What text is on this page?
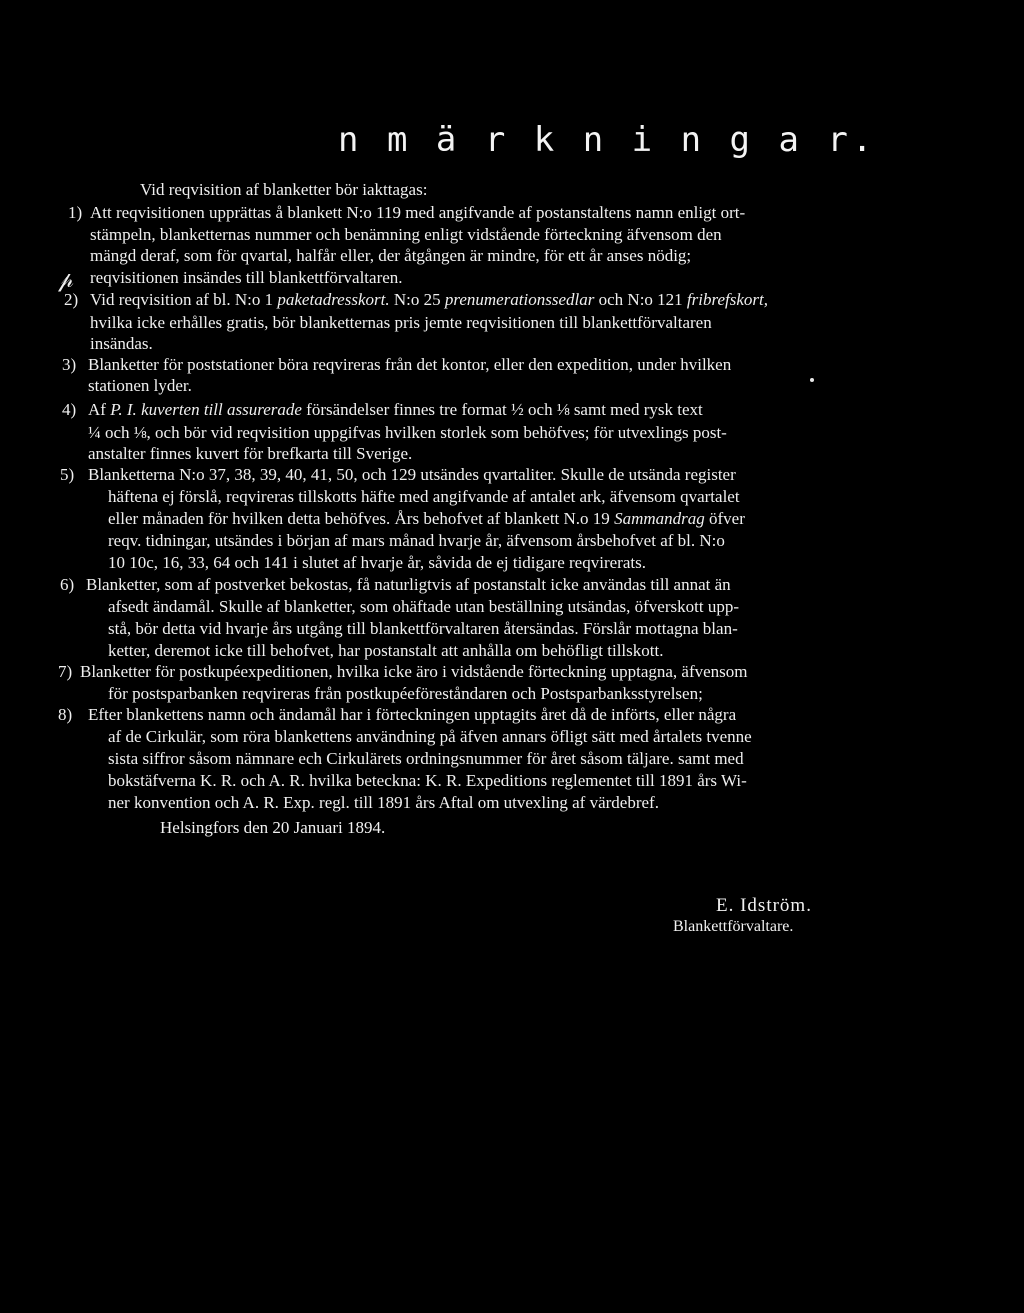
n m ä r k n i n g a r.
Vid reqvisition af blanketter bör iakttagas:
1) Att reqvisitionen upprättas å blankett N:o 119 med angifvande af postanstaltens namn enligt ort-
stämpeln, blanketternas nummer och benämning enligt vidstående förteckning äfvensom den
mängd deraf, som för qvartal, halfår eller, der åtgången är mindre, för ett år anses nödig;
reqvisitionen insändes till blankettförvaltaren.
𝓅
2) Vid reqvisition af bl. N:o 1 paketadresskort. N:o 25 prenumerationssedlar och N:o 121 fribrefskort,
hvilka icke erhålles gratis, bör blanketternas pris jemte reqvisitionen till blankettförvaltaren
insändas.
3) Blanketter för poststationer böra reqvireras från det kontor, eller den expedition, under hvilken
stationen lyder.
4) Af P. I. kuverten till assurerade försändelser finnes tre format ½ och ⅛ samt med rysk text
¼ och ⅛, och bör vid reqvisition uppgifvas hvilken storlek som behöfves; för utvexlings post-
anstalter finnes kuvert för brefkarta till Sverige.
5) Blanketterna N:o 37, 38, 39, 40, 41, 50, och 129 utsändes qvartaliter. Skulle de utsända register
häftena ej förslå, reqvireras tillskotts häfte med angifvande af antalet ark, äfvensom qvartalet
eller månaden för hvilken detta behöfves. Års behofvet af blankett N.o 19 Sammandrag öfver
reqv. tidningar, utsändes i början af mars månad hvarje år, äfvensom årsbehofvet af bl. N:o
10 10c, 16, 33, 64 och 141 i slutet af hvarje år, såvida de ej tidigare reqvirerats.
6) Blanketter, som af postverket bekostas, få naturligtvis af postanstalt icke användas till annat än
afsedt ändamål. Skulle af blanketter, som ohäftade utan beställning utsändas, öfverskott upp-
stå, bör detta vid hvarje års utgång till blankettförvaltaren återsändas. Förslår mottagna blan-
ketter, deremot icke till behofvet, har postanstalt att anhålla om behöfligt tillskott.
7) Blanketter för postkupéexpeditionen, hvilka icke äro i vidstående förteckning upptagna, äfvensom
för postsparbanken reqvireras från postkupéeföreståndaren och Postsparbanksstyrelsen;
8) Efter blankettens namn och ändamål har i förteckningen upptagits året då de införts, eller några
af de Cirkulär, som röra blankettens användning på äfven annars öfligt sätt med årtalets tvenne
sista siffror såsom nämnare ech Cirkulärets ordningsnummer för året såsom täljare. samt med
bokstäfverna K. R. och A. R. hvilka beteckna: K. R. Expeditions reglementet till 1891 års Wi-
ner konvention och A. R. Exp. regl. till 1891 års Aftal om utvexling af värdebref.
Helsingfors den 20 Januari 1894.
E. Idström.
Blankettförvaltare.
